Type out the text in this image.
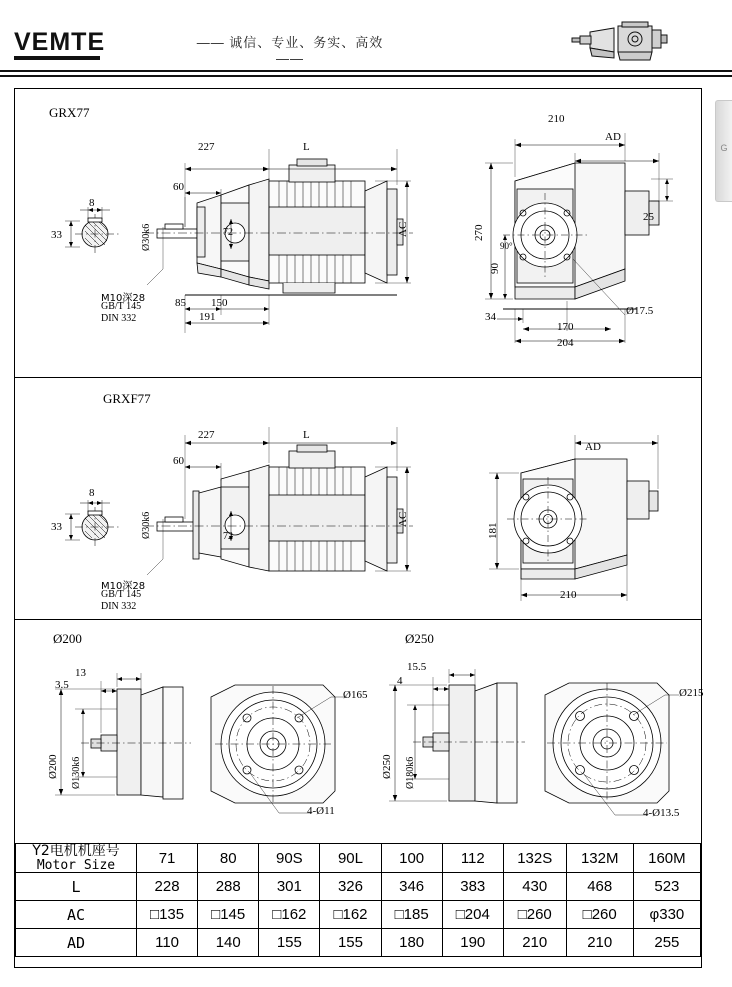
VEMTE	—— 诚信、专业、务实、高效 ——
G
GRX77
GRXF77
Ø200	Ø250
227	L
60
8
33	Ø30k6	72	AC
M10深28
GB/T 145
DIN 332
85 150
191
210
AD
270
90
90°
25
34
170
204
Ø17.5
227	L
60
8
33	Ø30k6	72
AC
M10深28
GB/T 145
DIN 332
AD
181
210
13
3.5
Ø200 Ø130k6
Ø165
4-Ø11
15.5
4
Ø250 Ø180k6
Ø215
4-Ø13.5
Y2电机机座号
Motor Size	71	80	90S	90L	100	112	132S	132M	160M
L	228	288	301	326	346	383	430	468	523
AC	□135	□145	□162	□162	□185	□204	□260	□260	φ330
AD	110	140	155	155	180	190	210	210	255
